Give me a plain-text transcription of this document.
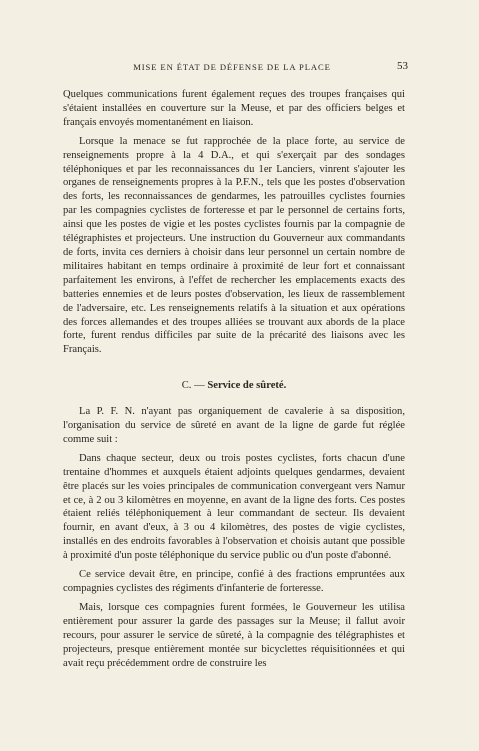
MISE EN ÉTAT DE DÉFENSE DE LA PLACE	53

Quelques communications furent également reçues des troupes françaises qui s'étaient installées en couverture sur la Meuse, et par des officiers belges et français envoyés momentanément en liaison.

Lorsque la menace se fut rapprochée de la place forte, au service de renseignements propre à la 4 D.A., et qui s'exerçait par des sondages téléphoniques et par les reconnaissances du 1er Lanciers, vinrent s'ajouter les organes de renseignements propres à la P.F.N., tels que les postes d'observation des forts, les reconnaissances de gendarmes, les patrouilles cyclistes fournies par les compagnies cyclistes de forteresse et par le personnel de certains forts, ainsi que les postes de vigie et les postes cyclistes fournis par la compagnie de télégraphistes et projecteurs. Une instruction du Gouverneur aux commandants de forts, invita ces derniers à choisir dans leur personnel un certain nombre de militaires habitant en temps ordinaire à proximité de leur fort et connaissant parfaitement les environs, à l'effet de rechercher les emplacements exacts des batteries ennemies et de leurs postes d'observation, les lieux de rassemblement de l'adversaire, etc. Les renseignements relatifs à la situation et aux opérations des forces allemandes et des troupes alliées se trouvant aux abords de la place forte, furent rendus difficiles par suite de la précarité des liaisons avec les Français.

C. — Service de sûreté.

La P. F. N. n'ayant pas organiquement de cavalerie à sa disposition, l'organisation du service de sûreté en avant de la ligne de garde fut réglée comme suit :

Dans chaque secteur, deux ou trois postes cyclistes, forts chacun d'une trentaine d'hommes et auxquels étaient adjoints quelques gendarmes, devaient être placés sur les voies principales de communication convergeant vers Namur et ce, à 2 ou 3 kilomètres en moyenne, en avant de la ligne des forts. Ces postes étaient reliés téléphoniquement à leur commandant de secteur. Ils devaient fournir, en avant d'eux, à 3 ou 4 kilomètres, des postes de vigie cyclistes, installés en des endroits favorables à l'observation et choisis autant que possible à proximité d'un poste téléphonique du service public ou d'un poste d'abonné.

Ce service devait être, en principe, confié à des fractions empruntées aux compagnies cyclistes des régiments d'infanterie de forteresse.

Mais, lorsque ces compagnies furent formées, le Gouverneur les utilisa entièrement pour assurer la garde des passages sur la Meuse; il fallut avoir recours, pour assurer le service de sûreté, à la compagnie des télégraphistes et projecteurs, presque entièrement montée sur bicyclettes réquisitionnées et qui avait reçu précédemment ordre de construire les
